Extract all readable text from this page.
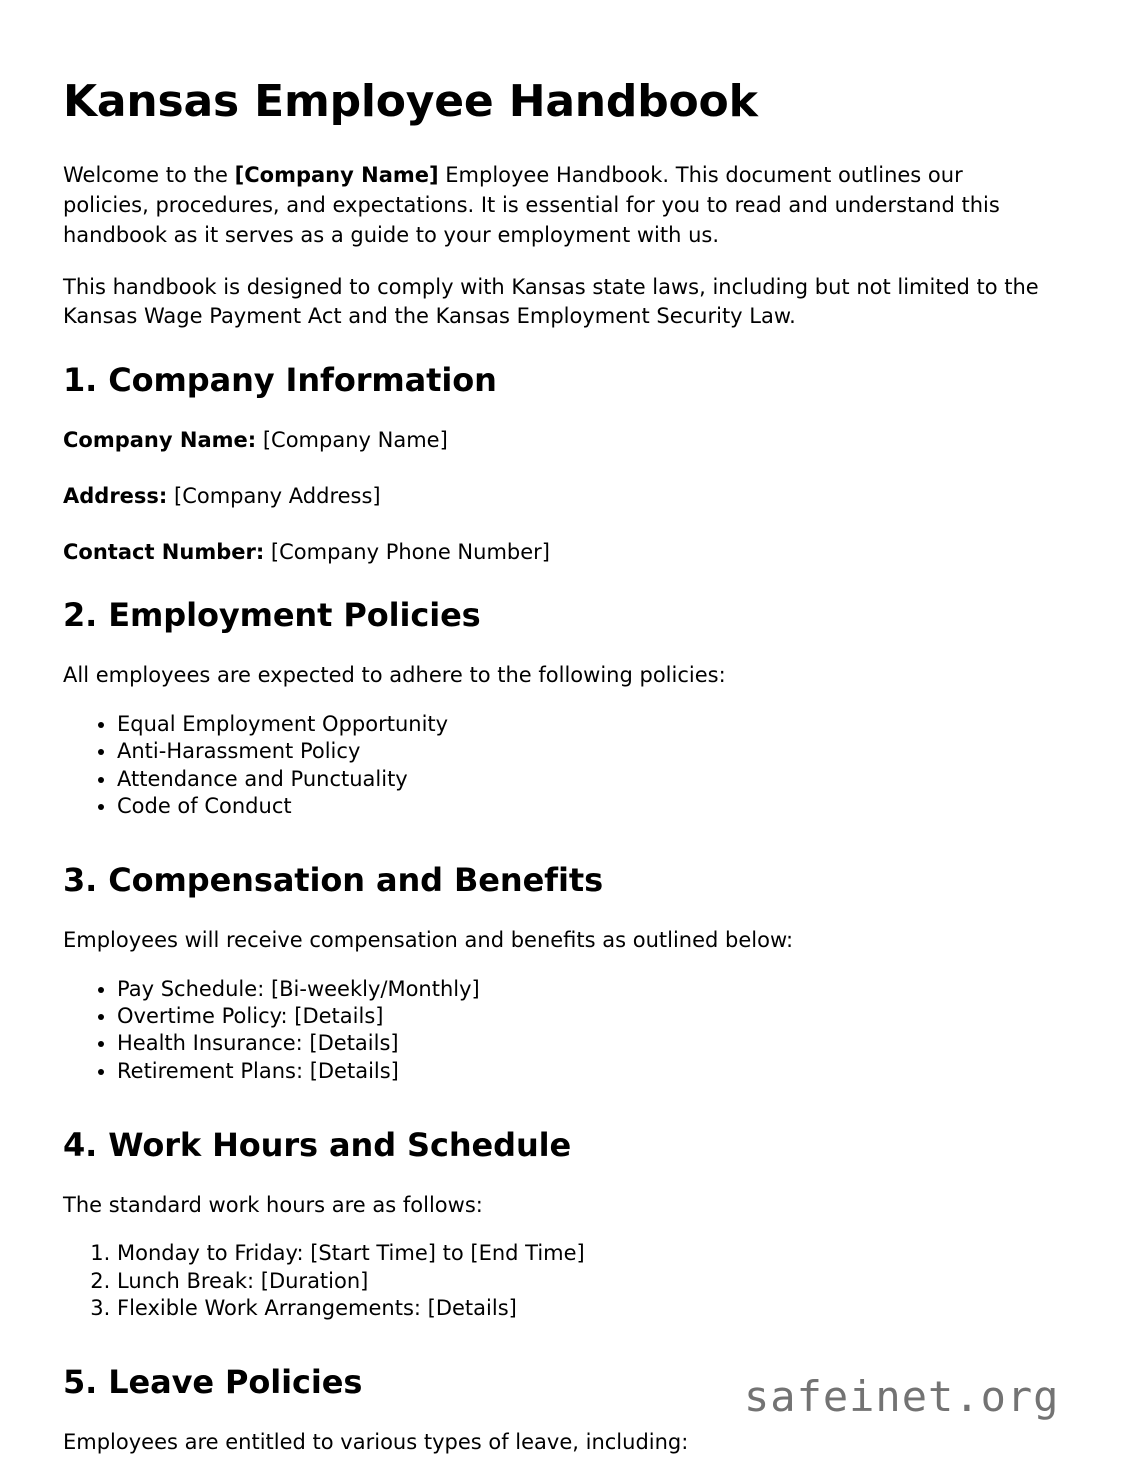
Kansas Employee Handbook

Welcome to the [Company Name] Employee Handbook. This document outlines our policies, procedures, and expectations. It is essential for you to read and understand this handbook as it serves as a guide to your employment with us.

This handbook is designed to comply with Kansas state laws, including but not limited to the Kansas Wage Payment Act and the Kansas Employment Security Law.

1. Company Information

Company Name: [Company Name]

Address: [Company Address]

Contact Number: [Company Phone Number]

2. Employment Policies

All employees are expected to adhere to the following policies:

• Equal Employment Opportunity
• Anti-Harassment Policy
• Attendance and Punctuality
• Code of Conduct
3. Compensation and Benefits

Employees will receive compensation and benefits as outlined below:

• Pay Schedule: [Bi-weekly/Monthly]
• Overtime Policy: [Details]
• Health Insurance: [Details]
• Retirement Plans: [Details]
4. Work Hours and Schedule

The standard work hours are as follows:

1. Monday to Friday: [Start Time] to [End Time]
2. Lunch Break: [Duration]
3. Flexible Work Arrangements: [Details]
5. Leave Policies

Employees are entitled to various types of leave, including:

safeinet.org
